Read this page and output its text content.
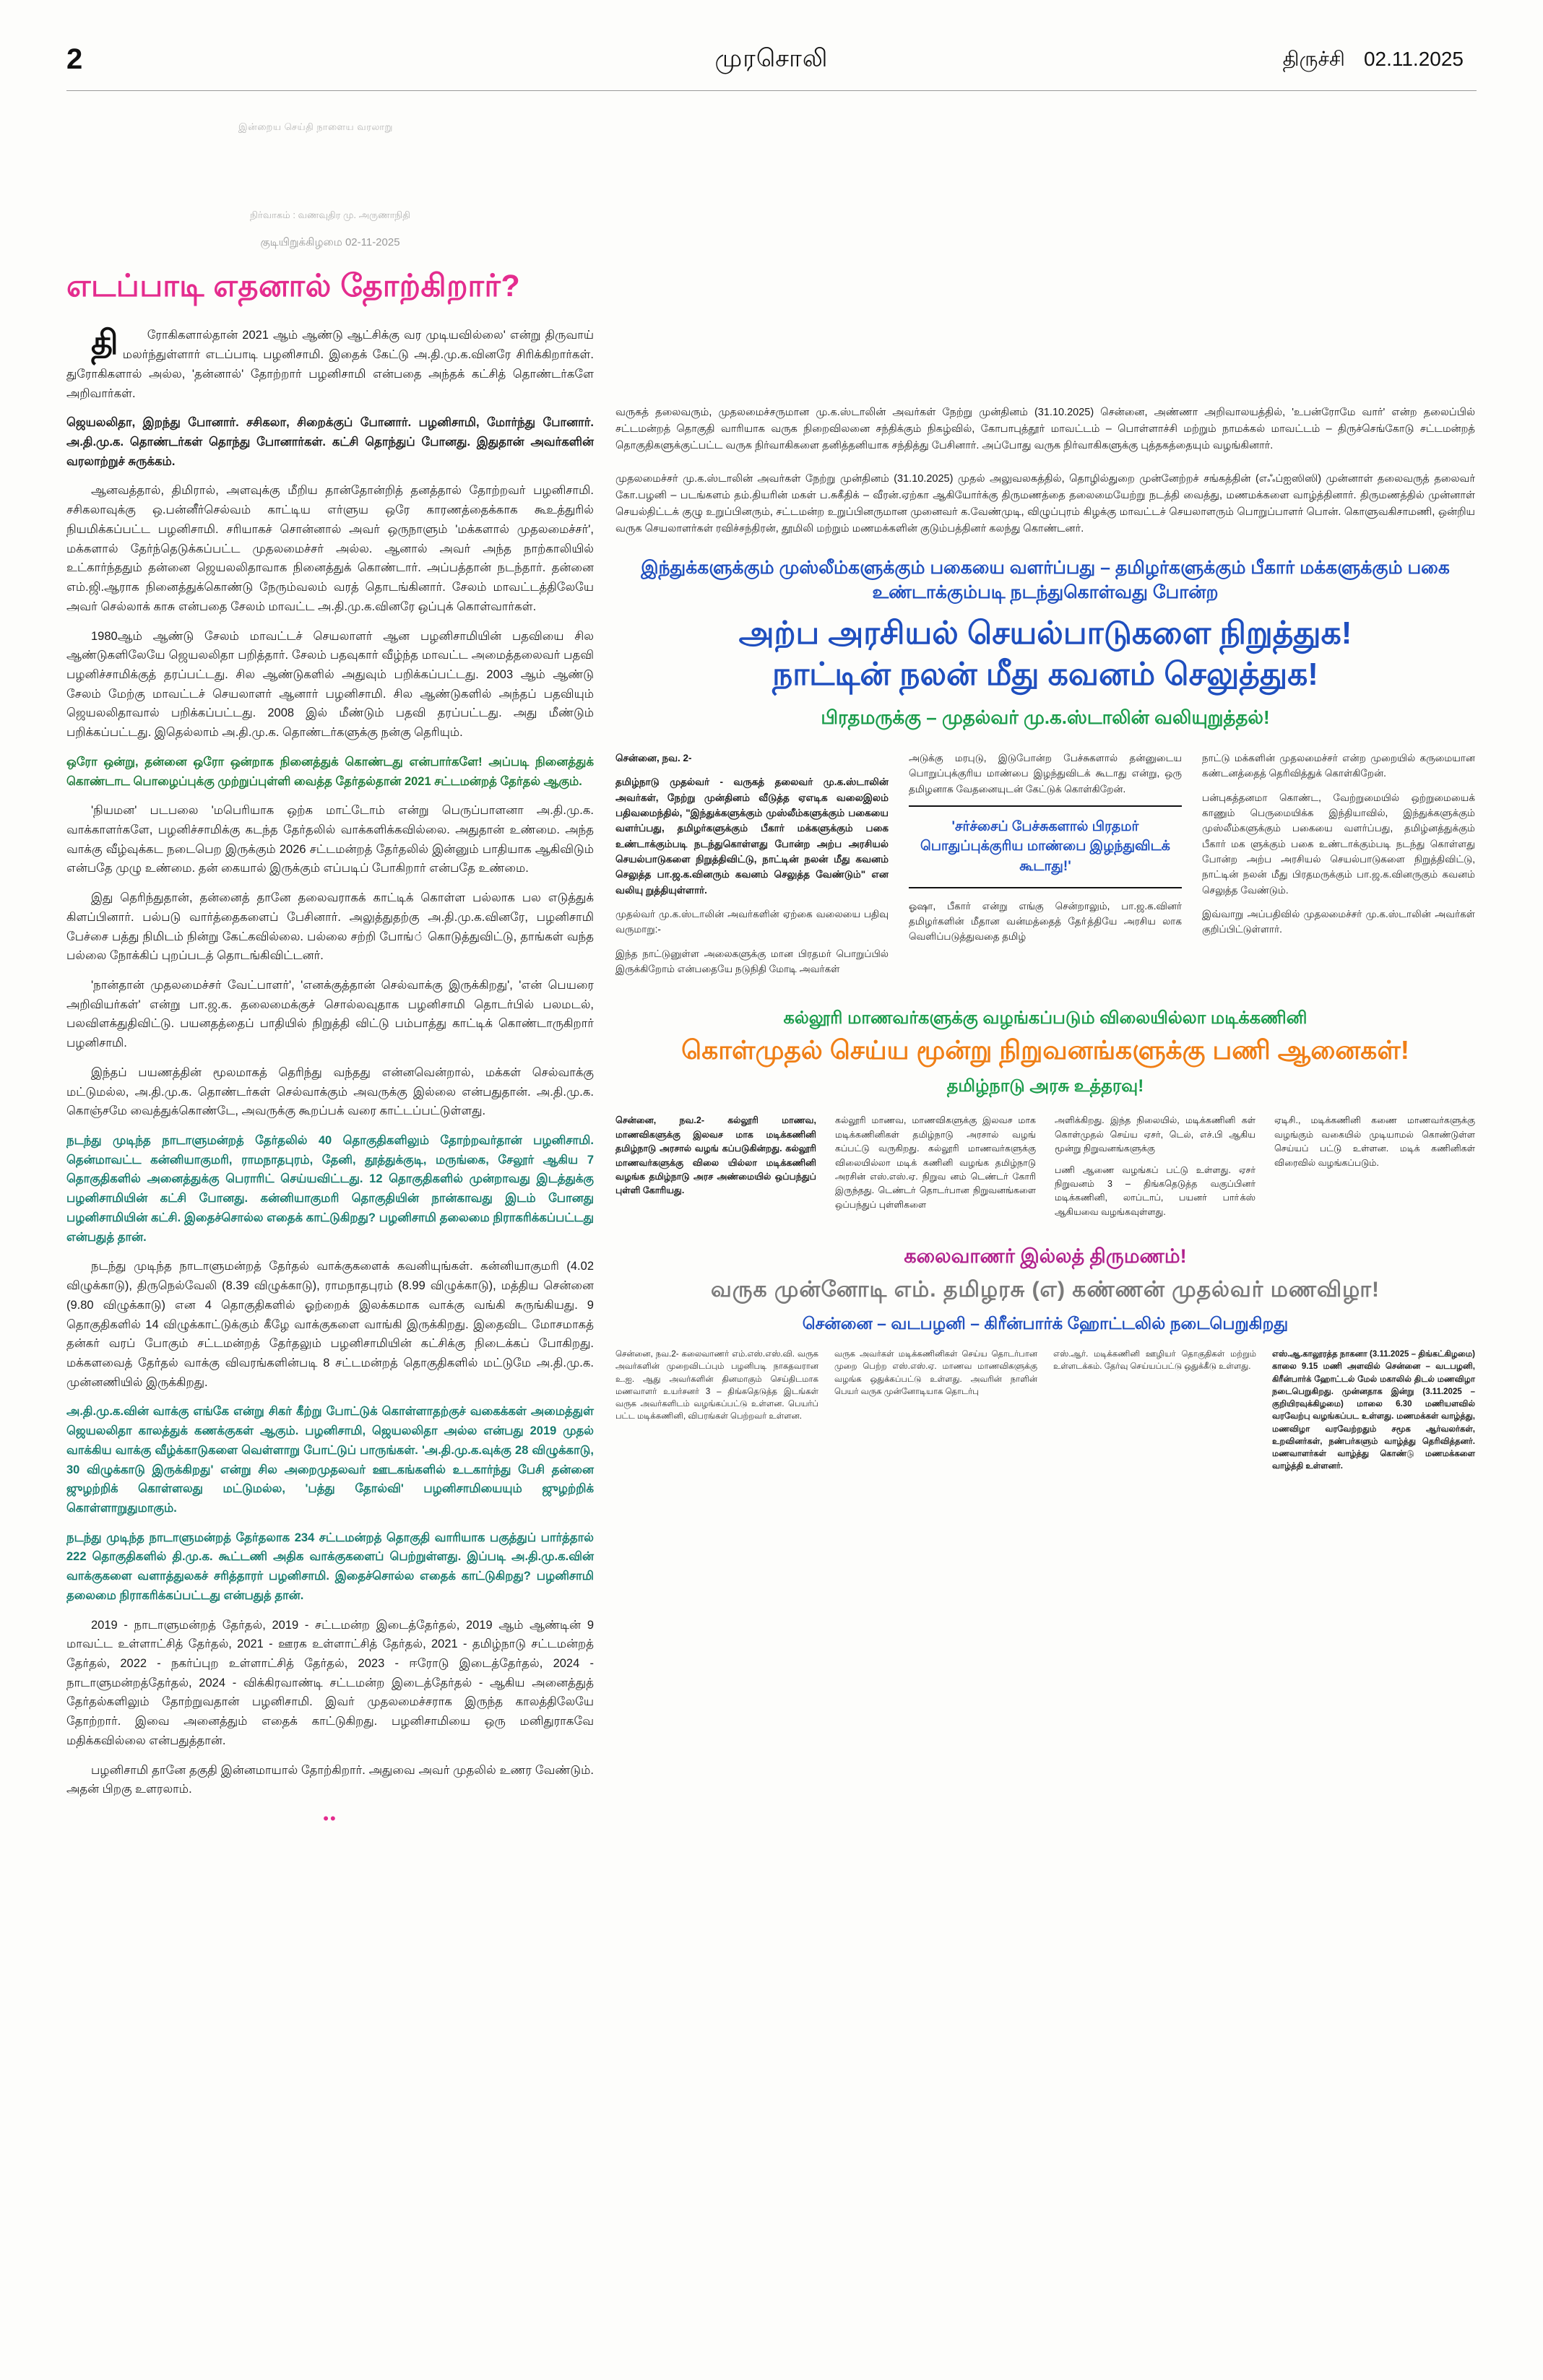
2	முரசொலி	திருச்சி 02.11.2025
இன்றைய செய்தி நாளைய வரலாறு
நிர்வாகம் : வணவுதிர மு. அருணாநிதி
குடியிறுக்கிழமை 02-11-2025
எடப்பாடி எதனால் தோற்கிறார்?

தி ரோகிகளால்தான் 2021 ஆம் ஆண்டு ஆட்சிக்கு வர முடியவில்லை' என்று திருவாய் மலர்ந்துள்ளார் எடப்பாடி பழனிசாமி. இதைக் கேட்டு அ.தி.மு.க.வினரே சிரிக்கிறார்கள். துரோகிகளால் அல்ல, 'தன்னால்' தோற்றார் பழனிசாமி என்பதை அந்தக் கட்சித் தொண்டர்களே அறிவார்கள்.

ஜெயலலிதா, இறந்து போனார். சசிகலா, சிறைக்குப் போனார். பழனிசாமி, மோர்ந்து போனார். அ.தி.மு.க. தொண்டர்கள் தொந்து போனார்கள். கட்சி தொந்துப் போனது. இதுதான் அவர்களின் வரலாற்றுச் சுருக்கம்.

ஆனவத்தால், திமிரால், அளவுக்கு மீறிய தான்தோன்றித் தனத்தால் தோற்றவர் பழனிசாமி. சசிகலாவுக்கு ஒ.பன்னீர்செல்வம் காட்டிய எர்ளுய ஒரே காரணத்தைக்காக கூஉத்துரில் நியமிக்கப்பட்ட பழனிசாமி. சரியாகச் சொன்னால் அவர் ஒருநாளும் 'மக்களால் முதலமைச்சர்', மக்களால் தேர்ந்தெடுக்கப்பட்ட முதலமைச்சர் அல்ல. ஆனால் அவர் அந்த நாற்காலியில் உட்கார்ந்ததும் தன்னை ஜெயலலிதாவாக நினைத்துக் கொண்டார். அப்பத்தான் நடந்தார். தன்னை எம்.ஜி.ஆராக நினைத்துக்கொண்டு நேரும்வலம் வரத் தொடங்கினார். சேலம் மாவட்டத்திலேயே அவர் செல்லாக் காசு என்பதை சேலம் மாவட்ட அ.தி.மு.க.வினரே ஒப்புக் கொள்வார்கள்.

1980ஆம் ஆண்டு சேலம் மாவட்டச் செயலாளர் ஆன பழனிசாமியின் பதவியை சில ஆண்டுகளிலேயே ஜெயலலிதா பறித்தார். சேலம் பதவுகார் வீழ்ந்த மாவட்ட அமைத்தலைவர் பதவி பழனிச்சாமிக்குத் தரப்பட்டது. சில ஆண்டுகளில் அதுவும் பறிக்கப்பட்டது. 2003 ஆம் ஆண்டு சேலம் மேற்கு மாவட்டச் செயலாளர் ஆனார் பழனிசாமி. சில ஆண்டுகளில் அந்தப் பதவியும் ஜெயலலிதாவால் பறிக்கப்பட்டது. 2008 இல் மீண்டும் பதவி தரப்பட்டது. அது மீண்டும் பறிக்கப்பட்டது. இதெல்லாம் அ.தி.மு.க. தொண்டர்களுக்கு நன்கு தெரியும்.

ஒரோ ஒன்று, தன்னை ஒரோ ஒன்றாக நினைத்துக் கொண்டது என்பார்களே! அப்படி நினைத்துக் கொண்டாட பொழைப்புக்கு முற்றுப்புள்ளி வைத்த தேர்தல்தான் 2021 சட்டமன்றத் தேர்தல் ஆகும்.

'நியமன' படபலை 'மபெரியாக ஒற்க மாட்டோம் என்று பெருப்பாளனா அ.தி.மு.க. வாக்காளர்களே, பழனிச்சாமிக்கு கடந்த தேர்தலில் வாக்களிக்கவில்லை. அதுதான் உண்மை. அந்த வாக்கு வீழ்வுக்கட நடைபெற இருக்கும் 2026 சட்டமன்றத் தேர்தலில் இன்னும் பாதியாக ஆகிவிடும் என்பதே முழு உண்மை. தன் கையால் இருக்கும் எப்படிப் போகிறார் என்பதே உண்மை.

இது தெரிந்துதான், தன்னைத் தானே தலைவராகக் காட்டிக் கொள்ள பல்லாக பல எடுத்துக் கிளப்பினார். பல்படு வார்த்தைகளைப் பேசினார். அலுத்துதற்கு அ.தி.மு.க.வினரே, பழனிசாமி பேச்சை பத்து நிமிடம் நின்று கேட்கவில்லை. பல்லை சற்றி போங்் கொடுத்துவிட்டு, தாங்கள் வந்த பல்லை நோக்கிப் புறப்படத் தொடங்கிவிட்டனர்.

'நான்தான் முதலமைச்சர் வேட்பாளர்', 'எனக்குத்தான் செல்வாக்கு இருக்கிறது', 'என் பெயரை அறிவியர்கள்' என்று பா.ஜ.க. தலைமைக்குச் சொல்லவுதாக பழனிசாமி தொடர்பில் பலமடல், பலவிளக்துதிவிட்டு. பயனதத்தைப் பாதியில் நிறுத்தி விட்டு பம்பாத்து காட்டிக் கொண்டாருகிறார் பழனிசாமி.

இந்தப் பயணத்தின் மூலமாகத் தெரிந்து வந்தது என்னவென்றால், மக்கள் செல்வாக்கு மட்டுமல்ல, அ.தி.மு.க. தொண்டர்கள் செல்வாக்கும் அவருக்கு இல்லை என்பதுதான். அ.தி.மு.க. கொஞ்சமே வைத்துக்கொண்டே, அவருக்கு கூறப்பக் வரை காட்டப்பட்டுள்ளது.

நடந்து முடிந்த நாடாளுமன்றத் தேர்தலில் 40 தொகுதிகளிலும் தோற்றவர்தான் பழனிசாமி. தென்மாவட்ட கன்னியாகுமரி, ராமநாதபுரம், தேனி, தூத்துக்குடி, மருங்கை, சேலூர் ஆகிய 7 தொகுதிகளில் அனைத்துக்கு பெராரிட் செய்யவிட்டது. 12 தொகுதிகளில் முன்றாவது இடத்துக்கு பழனிசாமியின் கட்சி போனது. கன்னியாகுமரி தொகுதியின் நான்காவது இடம் போனது பழனிசாமியின் கட்சி. இதைச்சொல்ல எதைக் காட்டுகிறது? பழனிசாமி தலைமை நிராகரிக்கப்பட்டது என்பதுத் தான்.

நடந்து முடிந்த நாடாளுமன்றத் தேர்தல் வாக்குகளைக் கவனியுங்கள். கன்னியாகுமரி (4.02 விழுக்காடு), திருநெல்வேலி (8.39 விழுக்காடு), ராமநாதபுரம் (8.99 விழுக்காடு), மத்திய சென்னை (9.80 விழுக்காடு) என 4 தொகுதிகளில் ஓற்றைக் இலக்கமாக வாக்கு வங்கி சுருங்கியது. 9 தொகுதிகளில் 14 விழுக்காட்டுக்கும் கீழே வாக்குகளை வாங்கி இருக்கிறது. இதைவிட மோசமாகத் தன்கர் வரப் போகும் சட்டமன்றத் தேர்தலும் பழனிசாமியின் கட்சிக்கு நிடைக்கப் போகிறது. மக்களவைத் தேர்தல் வாக்கு விவரங்களின்படி 8 சட்டமன்றத் தொகுதிகளில் மட்டுமே அ.தி.மு.க. முன்னணியில் இருக்கிறது.

அ.தி.மு.க.வின் வாக்கு எங்கே என்று சிகர் கீற்று போட்டுக் கொள்ளாதற்குச் வகைக்கள் அமைத்துள் ஜெயலலிதா காலத்துக் கணக்குகள் ஆகும். பழனிசாமி, ஜெயலலிதா அல்ல என்பது 2019 முதல் வாக்கிய வாக்கு வீழ்க்காடுகளை வெள்ளாறு போட்டுப் பாருங்கள். 'அ.தி.மு.க.வுக்கு 28 விழுக்காடு, 30 விழுக்காடு இருக்கிறது' என்று சில அறைமுதலவர் ஊடகங்களில் உடகார்ந்து பேசி தன்னை ஜுழற்றிக் கொள்ளலது மட்டுமல்ல, 'பத்து தோல்வி' பழனிசாமியையும் ஜுழற்றிக் கொள்ளாறுதுமாகும்.

நடந்து முடிந்த நாடாளுமன்றத் தேர்தலாக 234 சட்டமன்றத் தொகுதி வாரியாக பகுத்துப் பார்த்தால் 222 தொகுதிகளில் தி.மு.க. கூட்டணி அதிக வாக்குகளைப் பெற்றுள்ளது. இப்படி அ.தி.மு.க.வின் வாக்குகளை வளாத்துலகச் சரித்தாரர் பழனிசாமி. இதைச்சொல்ல எதைக் காட்டுகிறது? பழனிசாமி தலைமை நிராகரிக்கப்பட்டது என்பதுத் தான்.

2019 - நாடாளுமன்றத் தேர்தல், 2019 - சட்டமன்ற இடைத்தேர்தல், 2019 ஆம் ஆண்டின் 9 மாவட்ட உள்ளாட்சித் தேர்தல், 2021 - ஊரக உள்ளாட்சித் தேர்தல், 2021 - தமிழ்நாடு சட்டமன்றத் தேர்தல், 2022 - நகர்ப்புற உள்ளாட்சித் தேர்தல், 2023 - ஈரோடு இடைத்தேர்தல், 2024 - நாடாளுமன்றத்தேர்தல், 2024 - விக்கிரவாண்டி சட்டமன்ற இடைத்தேர்தல் - ஆகிய அனைத்துத் தேர்தல்களிலும் தோற்றுவதான் பழனிசாமி. இவர் முதலமைச்சராக இருந்த காலத்திலேயே தோற்றார். இவை அனைத்தும் எதைக் காட்டுகிறது. பழனிசாமியை ஒரு மனிதுராகவே மதிக்கவில்லை என்பதுத்தான்.

பழனிசாமி தானே தகுதி இன்னமாயால் தோற்கிறார். அதுவை அவர் முதலில் உணர வேண்டும். அதன் பிறகு உளரலாம்.

••

வருகத் தலைவரும், முதலமைச்சருமான மு.க.ஸ்டாலின் அவர்கள் நேற்று முன்தினம் (31.10.2025) சென்னை, அண்ணா அறிவாலயத்தில், 'உபன்ரோமே வார்' என்ற தலைப்பில் சட்டமன்றத் தொகுதி வாரியாக வருக நிறைவிலனை சந்திக்கும் நிகழ்வில், கோபாபுத்தூர் மாவட்டம் – பொள்ளாச்சி மற்றும் நாமக்கல் மாவட்டம் – திருச்செங்கோடு சட்டமன்றத் தொகுதிகளுக்குட்பட்ட வருக நிர்வாகிகளை தனித்தனியாக சந்தித்து பேசினார். அப்போது வருக நிர்வாகிகளுக்கு புத்தகத்தையும் வழங்கினார்.

முதலமைச்சர் மு.க.ஸ்டாலின் அவர்கள் நேற்று முன்தினம் (31.10.2025) முதல் அலுவலகத்தில், தொழில்துறை முன்னேற்றச் சங்கத்தின் (எஃப்ஐஸிஸி) முன்னாள் தலைவருத் தலைவர் கோ.பழனி – படங்களம் தம்.தியரின் மகள் ப.சுகீதிக் – வீரன்.ஏற்கா ஆகியோர்க்கு திருமணத்தை தலைமையேற்று நடத்தி வைத்து, மணமக்களை வாழ்த்தினார். திருமணத்தில் முன்னாள் செயல்திட்டக் குழு உறுப்பினரும், சட்டமன்ற உறுப்பினருமான முனைவர் க.வேண்முடி, விழுப்புரம் கிழக்கு மாவட்டச் செயலாளரும் பொறுப்பாளர் பொன். கொளுவகிசாமணி, ஒன்றிய வருக செயலாளர்கள் ரவிச்சந்திரன், தூமிலி மற்றும் மணமக்களின் குடும்பத்தினர் கலந்து கொண்டனர்.

இந்துக்களுக்கும் முஸ்லீம்களுக்கும் பகையை வளர்ப்பது – தமிழர்களுக்கும் பீகார் மக்களுக்கும் பகை உண்டாக்கும்படி நடந்துகொள்வது போன்ற
அற்ப அரசியல் செயல்பாடுகளை நிறுத்துக!
நாட்டின் நலன் மீது கவனம் செலுத்துக!
பிரதமருக்கு – முதல்வர் மு.க.ஸ்டாலின் வலியுறுத்தல்!

சென்னை, நவ. 2-

தமிழ்நாடு முதல்வர் - வருகத் தலைவர் மு.க.ஸ்டாலின் அவர்கள், நேற்று முன்தினம் வீடுத்த ஏஎடிக வலைஇலம் பதிவமைந்தில், "இந்துக்களுக்கும் முஸ்லீம்களுக்கும் பகையை வளர்ப்பது, தமிழர்களுக்கும் பீகார் மக்களுக்கும் பகை உண்டாக்கும்படி நடந்துகொள்ளது போன்ற அற்ப அரசியல் செயல்பாடுகளை நிறுத்திவிட்டு, நாட்டின் நலன் மீது கவனம் செலுத்த பா.ஜ.க.வினரும் கவனம் செலுத்த வேண்டும்" என வலியு றுத்தியுள்ளார்.

முதல்வர் மு.க.ஸ்டாலின் அவர்களின் ஏற்கை வலையை பதிவு வருமாறு:-

இந்த நாட்டுனுள்ள அலைகளுக்கு மான பிரதமர் பொறுப்பில் இருக்கிறோம் என்பதையே நடுநிதி மோடி அவர்கள்

அடுக்கு மரபுடு, இடுபோன்ற பேச்சுகளால் தன்னுடைய பொறுப்புக்குரிய மாண்பை இழந்துவிடக் கூடாது என்று, ஒரு தமிழனாக வேதனையுடன் கேட்டுக் கொள்கிறேன்.

'சர்ச்சைப் பேச்சுகளால் பிரதமர் பொதுப்புக்குரிய மாண்பை இழந்துவிடக் கூடாது!'

ஓஷா, பீகார் என்று எங்கு சென்றாலும், பா.ஜ.க.வினர் தமிழர்களின் மீதான வன்மத்தைத் தோ்த்தியே அரசிய லாக வெளிப்படுத்துவதை தமிழ்

நாட்டு மக்களின் முதலமைச்சர் என்ற முறையில் கருமையான கண்டனத்தைத் தெரிவித்துக் கொள்கிறேன்.

பன்புகத்தனமா கொண்ட, வேற்றுமையில் ஒற்றுமையைக் காணும் பெருமையிக்க இந்தியாவில், இந்துக்களுக்கும் முஸ்லீம்களுக்கும் பகையை வளர்ப்பது, தமிழ்னத்துக்கும் பீகார் மக ளுக்கும் பகை உண்டாக்கும்படி நடந்து கொள்ளது போன்ற அற்ப அரசியல் செயல்பாடுகளை நிறுத்திவிட்டு, நாட்டின் நலன் மீது பிரதமருக்கும் பா.ஜ.க.வினருகும் கவனம் செலுத்த வேண்டும்.

இவ்வாறு அப்பதிவில் முதலமைச்சர் மு.க.ஸ்டாலின் அவர்கள் குறிப்பிட்டுள்ளார்.

கல்லூரி மாணவர்களுக்கு வழங்கப்படும் விலையில்லா மடிக்கணினி
கொள்முதல் செய்ய மூன்று நிறுவனங்களுக்கு பணி ஆனைகள்!
தமிழ்நாடு அரசு உத்தரவு!

சென்னை, நவ.2- கல்லூரி மாணவ, மாணவிகளுக்கு இலவச மாக மடிக்கணினி தமிழ்நாடு அரசால் வழங் கப்படுகின்றது. கல்லூரி மாணவர்களுக்கு விலை யில்லா மடிக்கணினி வழங்க தமிழ்நாடு அரச அண்மையில் ஒப்பந்துப் புள்ளி கோரியது.

கல்லூரி மாணவ, மாணவிகளுக்கு இலவச மாக மடிக்கணினிகள் தமிழ்நாடு அரசால் வழங் கப்பட்டு வருகிறது. கல்லூரி மாணவர்களுக்கு விலையில்லா மடிக் கணினி வழங்க தமிழ்நாடு அரசின் எஸ்.எஸ்.ஏ. நிறுவ னம் டெண்டர் கோரி இருந்தது. டெண்டர் தொடர்பான நிறுவனங்களை ஒப்பந்துப் புள்ளிகளை

அளிக்கிறது. இந்த நிலையில், மடிக்கணினி கள் கொள்முதல் செய்ய ஏசர், டெல், எச்.பி ஆகிய மூன்று நிறுவனங்களுக்கு

பணி ஆணை வழங்கப் பட்டு உள்ளது. ஏசர் நிறுவனம் 3 – திங்கதெடுத்த வகுப்பினர் மடிக்கணினி, லாப்டாப், பயனர் பாா்க்ஸ் ஆகியவை வழங்கவுள்ளது.

ஏடிசி., மடிக்கணினி கணை மாணவர்களுக்கு வழங்கும் வகையில் முடியாமல் கொண்டுள்ள செய்யப் பட்டு உள்ளன. மடிக் கணினிகள் விரைவில் வழங்கப்படும்.

கலைவாணர் இல்லத் திருமணம்!
வருக முன்னோடி எம். தமிழரசு (எ) கண்ணன் முதல்வர் மணவிழா!
சென்னை – வடபழனி – கிரீன்பார்க் ஹோட்டலில் நடைபெறுகிறது

சென்னை, நவ.2- கலைவாணர் எம்.எஸ்.எஸ்.வி. வருக அவர்களின் முறைவிடப்பும் பழனிபடி நாகதவரான உ.ஐ. ஆது அவர்களின் தினமாகும் செய்திடமாக மணவாளர் உயர்சனர் 3 – திங்கதெடுத்த இடங்கள் வருக அவர்களிடம் வழங்கப்பட்டு உள்ளன. பெயர்ப் பட்ட மடிக்கணினி, விபரங்கள் பெற்றவர் உள்ளன.

வருக அவர்கள் மடிக்கணினிகள் செய்ய தொடர்பான முறை பெற்ற எஸ்.எஸ்.ஏ. மாணவ மாணவிகளுக்கு வழங்க ஒதுக்கப்பட்டு உள்ளது. அவரின் நாளின் பெயர் வருக முன்னோடியாக தொடர்பு

எஸ்.ஆர். மடிக்கணினி ஊழியர் தொகுதிகள் மற்றும் உள்ளடக்கம். தேர்வு செய்யப்பட்டு ஒதுக்கீடு உள்ளது.

எஸ்.ஆ.காலூரத்த நாகனா (3.11.2025 – திங்கட்கிழமை) காலை 9.15 மணி அளவில் சென்னை – வடபழனி, கிரீன்பார்க் ஹோட்டல் மேல் மகாலில் திடல் மணவிழா நடைபெறுகிறது. முன்னதாக இன்று (3.11.2025 – குறியிரவுக்கிழமை) மாலை 6.30 மணியளவில் வரவேற்பு வழங்கப்பட உள்ளது. மணமக்கள் வாழ்த்து, மணவிழா வரவேற்றதும் சமூக ஆர்வலர்கள், உறவினர்கள், நண்பர்களும் வாழ்த்து தெரிவித்தனர். மணவாளர்கள் வாழ்த்து கொண்டு மணமக்களை வாழ்த்தி உள்ளனர்.
